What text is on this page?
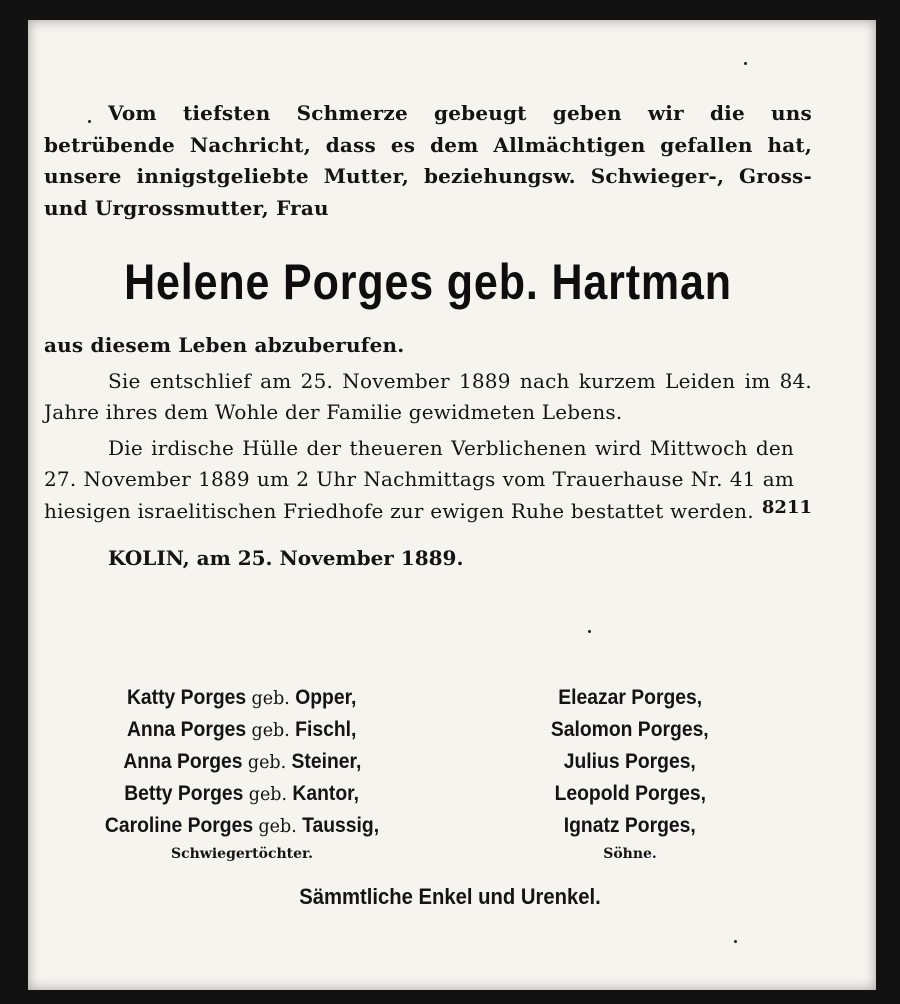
Vom tiefsten Schmerze gebeugt geben wir die uns betrübende Nachricht, dass es dem Allmächtigen gefallen hat, unsere innigstgeliebte Mutter, beziehungsw. Schwieger-, Gross- und Urgrossmutter, Frau

Helene Porges geb. Hartman

aus diesem Leben abzuberufen.

Sie entschlief am 25. November 1889 nach kurzem Leiden im 84. Jahre ihres dem Wohle der Familie gewidmeten Lebens.

Die irdische Hülle der theueren Verblichenen wird Mittwoch den 27. November 1889 um 2 Uhr Nachmittags vom Trauerhause Nr. 41 am hiesigen israelitischen Friedhofe zur ewigen Ruhe bestattet werden. 8211
KOLIN, am 25. November 1889.
Katty Porges geb. Opper,
Anna Porges geb. Fischl,
Anna Porges geb. Steiner,
Betty Porges geb. Kantor,
Caroline Porges geb. Taussig,
Schwiegertöchter.
Eleazar Porges,
Salomon Porges,
Julius Porges,
Leopold Porges,
Ignatz Porges,
Söhne.
Sämmtliche Enkel und Urenkel.
